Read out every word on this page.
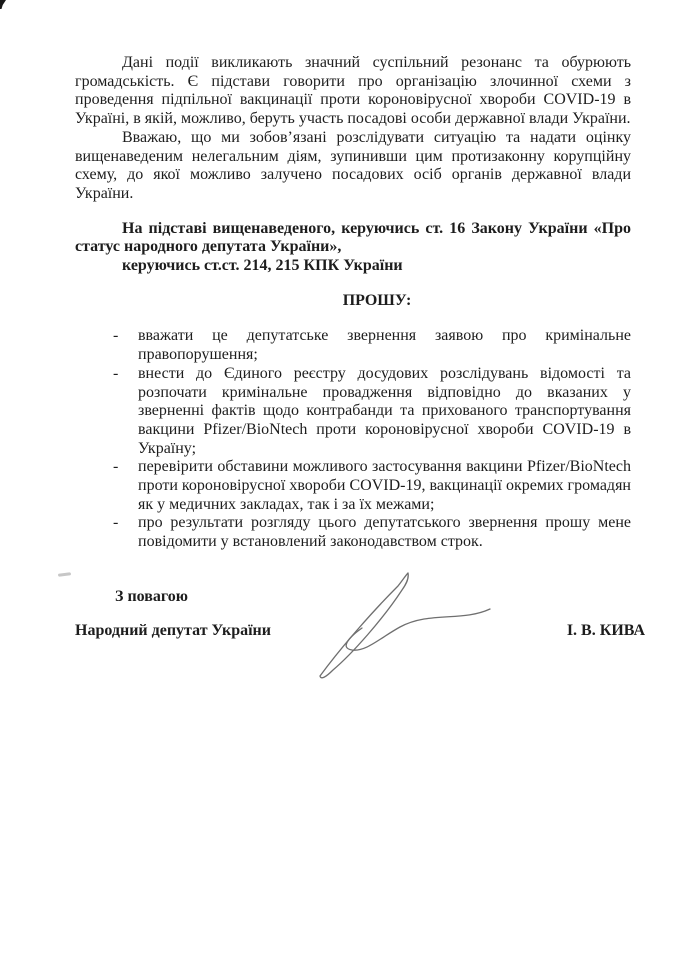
Дані події викликають значний суспільний резонанс та обурюють громадськість. Є підстави говорити про організацію злочинної схеми з проведення підпільної вакцинації проти короновірусної хвороби COVID-19 в Україні, в якій, можливо, беруть участь посадові особи державної влади України.

Вважаю, що ми зобов’язані розслідувати ситуацію та надати оцінку вищенаведеним нелегальним діям, зупинивши цим протизаконну корупційну схему, до якої можливо залучено посадових осіб органів державної влади України.

На підставі вищенаведеного, керуючись ст. 16 Закону України «Про статус народного депутата України»,

керуючись ст.ст. 214, 215 КПК України

ПРОШУ:
-	вважати це депутатське звернення заявою про кримінальне правопорушення;
-	внести до Єдиного реєстру досудових розслідувань відомості та розпочати кримінальне провадження відповідно до вказаних у зверненні фактів щодо контрабанди та прихованого транспортування вакцини Pfizer/BioNtech проти короновірусної хвороби COVID-19 в Україну;
-	перевірити обставини можливого застосування вакцини Pfizer/BioNtech проти короновірусної хвороби COVID-19, вакцинації окремих громадян як у медичних закладах, так і за їх межами;
-	про результати розгляду цього депутатського звернення прошу мене повідомити у встановлений законодавством строк.

З повагою

Народний депутат України	І. В. КИВА
